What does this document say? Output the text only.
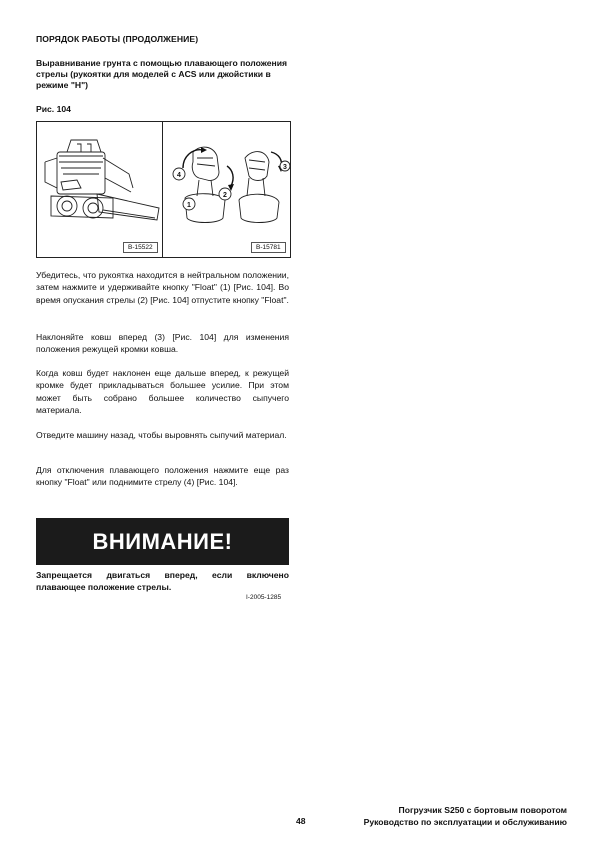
ПОРЯДОК РАБОТЫ (ПРОДОЛЖЕНИЕ)
Выравнивание грунта с помощью плавающего положения стрелы (рукоятки для моделей с ACS или джойстики в режиме "Н")
Рис. 104
4
1
2
3
B-15522	B-15781
Убедитесь, что рукоятка находится в нейтральном положении, затем нажмите и удерживайте кнопку "Float" (1) [Рис. 104]. Во время опускания стрелы (2) [Рис. 104] отпустите кнопку "Float".
Наклоняйте ковш вперед (3) [Рис. 104] для изменения положения режущей кромки ковша.
Когда ковш будет наклонен еще дальше вперед, к режущей кромке будет прикладываться большее усилие. При этом может быть собрано большее количество сыпучего материала.
Отведите машину назад, чтобы выровнять сыпучий материал.
Для отключения плавающего положения нажмите еще раз кнопку "Float" или поднимите стрелу (4) [Рис. 104].
ВНИМАНИЕ!
Запрещается двигаться вперед, если включено плавающее положение стрелы.
I-2005-1285
Погрузчик S250 с бортовым поворотом
Руководство по эксплуатации и обслуживанию
48
